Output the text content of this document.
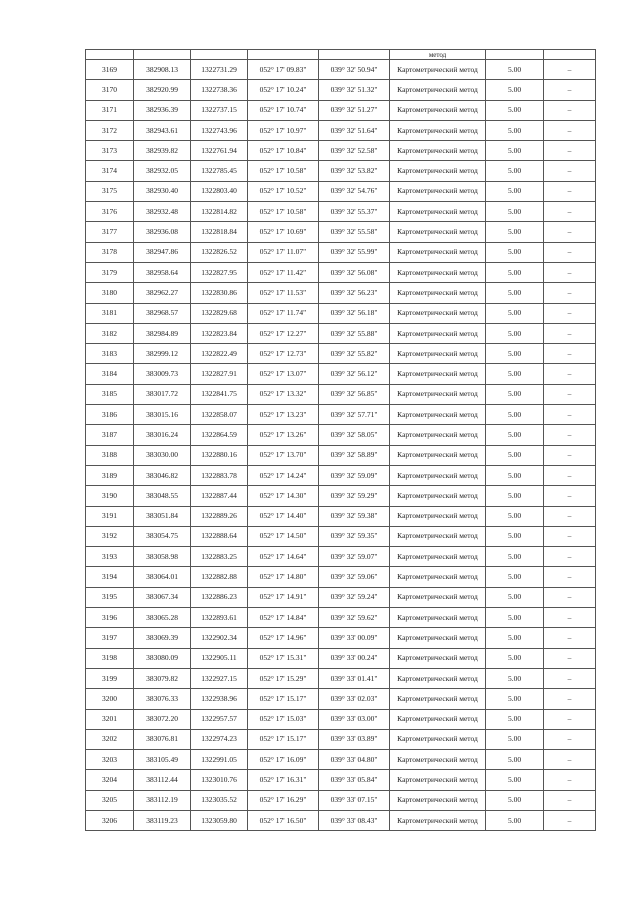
					метод		
3169	382908.13	1322731.29	052° 17' 09.83"	039° 32' 50.94"	Картометрический метод	5.00	–
3170	382920.99	1322738.36	052° 17' 10.24"	039° 32' 51.32"	Картометрический метод	5.00	–
3171	382936.39	1322737.15	052° 17' 10.74"	039° 32' 51.27"	Картометрический метод	5.00	–
3172	382943.61	1322743.96	052° 17' 10.97"	039° 32' 51.64"	Картометрический метод	5.00	–
3173	382939.82	1322761.94	052° 17' 10.84"	039° 32' 52.58"	Картометрический метод	5.00	–
3174	382932.05	1322785.45	052° 17' 10.58"	039° 32' 53.82"	Картометрический метод	5.00	–
3175	382930.40	1322803.40	052° 17' 10.52"	039° 32' 54.76"	Картометрический метод	5.00	–
3176	382932.48	1322814.82	052° 17' 10.58"	039° 32' 55.37"	Картометрический метод	5.00	–
3177	382936.08	1322818.84	052° 17' 10.69"	039° 32' 55.58"	Картометрический метод	5.00	–
3178	382947.86	1322826.52	052° 17' 11.07"	039° 32' 55.99"	Картометрический метод	5.00	–
3179	382958.64	1322827.95	052° 17' 11.42"	039° 32' 56.08"	Картометрический метод	5.00	–
3180	382962.27	1322830.86	052° 17' 11.53"	039° 32' 56.23"	Картометрический метод	5.00	–
3181	382968.57	1322829.68	052° 17' 11.74"	039° 32' 56.18"	Картометрический метод	5.00	–
3182	382984.89	1322823.84	052° 17' 12.27"	039° 32' 55.88"	Картометрический метод	5.00	–
3183	382999.12	1322822.49	052° 17' 12.73"	039° 32' 55.82"	Картометрический метод	5.00	–
3184	383009.73	1322827.91	052° 17' 13.07"	039° 32' 56.12"	Картометрический метод	5.00	–
3185	383017.72	1322841.75	052° 17' 13.32"	039° 32' 56.85"	Картометрический метод	5.00	–
3186	383015.16	1322858.07	052° 17' 13.23"	039° 32' 57.71"	Картометрический метод	5.00	–
3187	383016.24	1322864.59	052° 17' 13.26"	039° 32' 58.05"	Картометрический метод	5.00	–
3188	383030.00	1322880.16	052° 17' 13.70"	039° 32' 58.89"	Картометрический метод	5.00	–
3189	383046.82	1322883.78	052° 17' 14.24"	039° 32' 59.09"	Картометрический метод	5.00	–
3190	383048.55	1322887.44	052° 17' 14.30"	039° 32' 59.29"	Картометрический метод	5.00	–
3191	383051.84	1322889.26	052° 17' 14.40"	039° 32' 59.38"	Картометрический метод	5.00	–
3192	383054.75	1322888.64	052° 17' 14.50"	039° 32' 59.35"	Картометрический метод	5.00	–
3193	383058.98	1322883.25	052° 17' 14.64"	039° 32' 59.07"	Картометрический метод	5.00	–
3194	383064.01	1322882.88	052° 17' 14.80"	039° 32' 59.06"	Картометрический метод	5.00	–
3195	383067.34	1322886.23	052° 17' 14.91"	039° 32' 59.24"	Картометрический метод	5.00	–
3196	383065.28	1322893.61	052° 17' 14.84"	039° 32' 59.62"	Картометрический метод	5.00	–
3197	383069.39	1322902.34	052° 17' 14.96"	039° 33' 00.09"	Картометрический метод	5.00	–
3198	383080.09	1322905.11	052° 17' 15.31"	039° 33' 00.24"	Картометрический метод	5.00	–
3199	383079.82	1322927.15	052° 17' 15.29"	039° 33' 01.41"	Картометрический метод	5.00	–
3200	383076.33	1322938.96	052° 17' 15.17"	039° 33' 02.03"	Картометрический метод	5.00	–
3201	383072.20	1322957.57	052° 17' 15.03"	039° 33' 03.00"	Картометрический метод	5.00	–
3202	383076.81	1322974.23	052° 17' 15.17"	039° 33' 03.89"	Картометрический метод	5.00	–
3203	383105.49	1322991.05	052° 17' 16.09"	039° 33' 04.80"	Картометрический метод	5.00	–
3204	383112.44	1323010.76	052° 17' 16.31"	039° 33' 05.84"	Картометрический метод	5.00	–
3205	383112.19	1323035.52	052° 17' 16.29"	039° 33' 07.15"	Картометрический метод	5.00	–
3206	383119.23	1323059.80	052° 17' 16.50"	039° 33' 08.43"	Картометрический метод	5.00	–
